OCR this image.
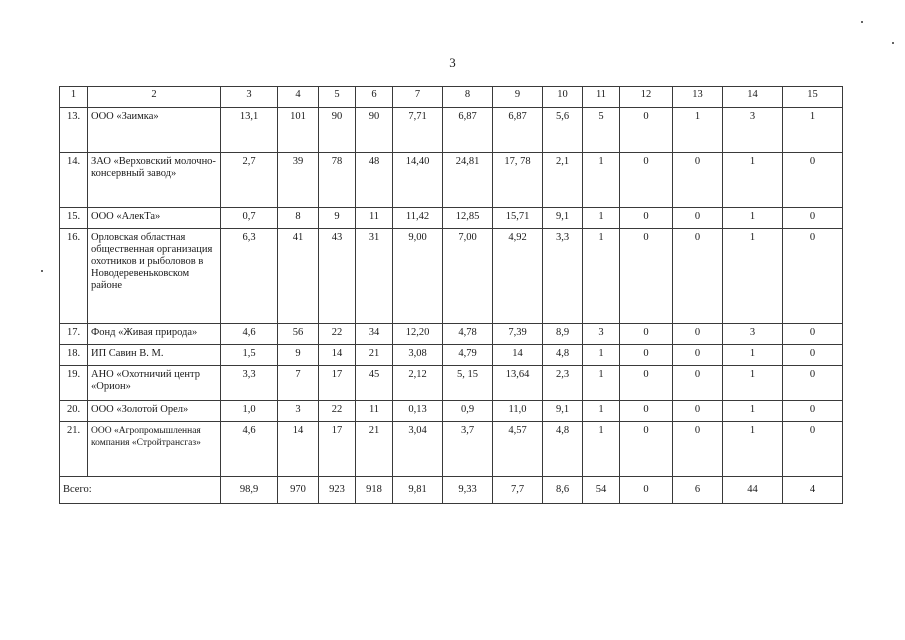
3
1	2	3	4	5	6	7	8	9	10	11	12	13	14	15
13.	ООО «Заимка»	13,1	101	90	90	7,71	6,87	6,87	5,6	5	0	1	3	1
14.	ЗАО «Верховский молочно-консервный завод»	2,7	39	78	48	14,40	24,81	17, 78	2,1	1	0	0	1	0
15.	ООО «АлекТа»	0,7	8	9	11	11,42	12,85	15,71	9,1	1	0	0	1	0
16.	Орловская областная общественная организация охотников и рыболовов в Новодеревеньковском районе	6,3	41	43	31	9,00	7,00	4,92	3,3	1	0	0	1	0
17.	Фонд «Живая природа»	4,6	56	22	34	12,20	4,78	7,39	8,9	3	0	0	3	0
18.	ИП Савин В. М.	1,5	9	14	21	3,08	4,79	14	4,8	1	0	0	1	0
19.	АНО «Охотничий центр «Орион»	3,3	7	17	45	2,12	5, 15	13,64	2,3	1	0	0	1	0
20.	ООО «Золотой Орел»	1,0	3	22	11	0,13	0,9	11,0	9,1	1	0	0	1	0
21.	ООО «Агропромышленная компания «Стройтрансгаз»	4,6	14	17	21	3,04	3,7	4,57	4,8	1	0	0	1	0
Всего:		98,9	970	923	918	9,81	9,33	7,7	8,6	54	0	6	44	4
